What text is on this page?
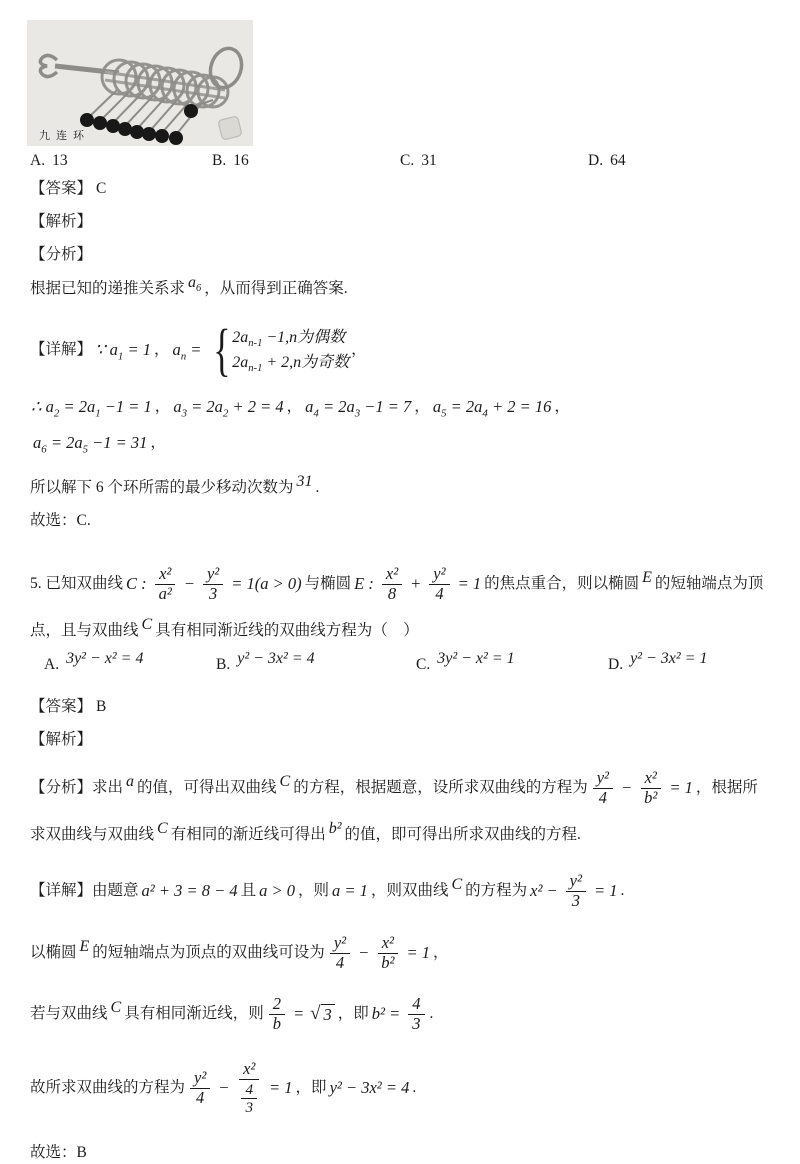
九连环
A. 13	B. 16	C. 31	D. 64
【答案】 C
【解析】
【分析】
根据已知的递推关系求 $a_6$ ，从而得到正确答案.
【详解】 ∵ $a_1 = 1$ ， $a_n$ = { $2a_{n-1} -1,n$为偶数
$2a_{n-1} + 2,n$为奇数
，
∴ $a_2 = 2a_1 -1 = 1$ ， $a_3 = 2a_2 + 2 = 4$ ， $a_4 = 2a_3 -1 = 7$ ， $a_5 = 2a_4 + 2 = 16$ ，
$a_6 = 2a_5 -1 = 31$ ，
所以解下 6 个环所需的最少移动次数为 31 .
故选：C.
5. 已知双曲线 C : $\frac{\text{x²}}{\text{a²}} - \frac{\text{y²}}{3} = 1(a > 0)$ 与椭圆 E : $\frac{\text{x²}}{8} + \frac{\text{y²}}{4} = 1$ 的焦点重合，则以椭圆 E 的短轴端点为顶
点，且与双曲线 C 具有相同渐近线的双曲线方程为（　）
A. 3y² − x² = 4	B. y² − 3x² = 4	C. 3y² − x² = 1	D. y² − 3x² = 1
【答案】 B
【解析】
【分析】求出 a 的值，可得出双曲线 C 的方程，根据题意，设所求双曲线的方程为 $\frac{\text{y²}}{4} - \frac{\text{x²}}{\text{b²}} = 1$ ，根据所
求双曲线与双曲线 C 有相同的渐近线可得出 b² 的值，即可得出所求双曲线的方程.
【详解】由题意 a² + 3 = 8 − 4 且 a > 0 ，则 a = 1 ，则双曲线 C 的方程为 $x^2 - \frac{\text{y²}}{3} = 1$ .
以椭圆 E 的短轴端点为顶点的双曲线可设为 $\frac{\text{y²}}{4} - \frac{\text{x²}}{\text{b²}} = 1$ ，
若与双曲线 C 具有相同渐近线，则 $\frac{2}{b}$ = √ 3 ，即 $b^2 = \frac{4}{3}$ .
故所求双曲线的方程为 $\frac{\text{y²}}{4} - \frac{\text{x²}}{\frac{4}{3}} = 1$ ，即 y² − 3x² = 4 .
故选：B
